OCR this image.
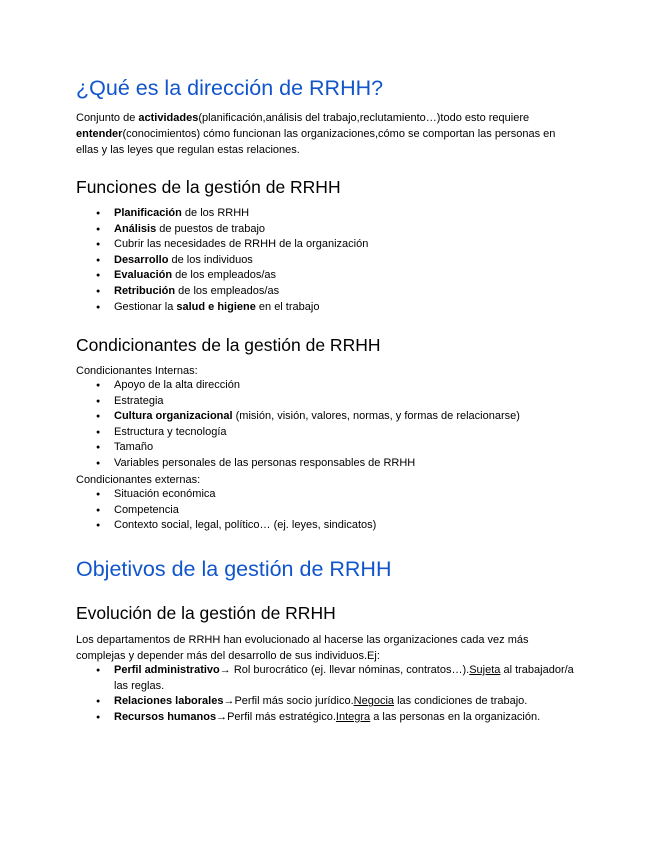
¿Qué es la dirección de RRHH?

Conjunto de actividades(planificación,análisis del trabajo,reclutamiento…)todo esto requiere entender(conocimientos) cómo funcionan las organizaciones,cómo se comportan las personas en ellas y las leyes que regulan estas relaciones.

Funciones de la gestión de RRHH
● Planificación de los RRHH
● Análisis de puestos de trabajo
● Cubrir las necesidades de RRHH de la organización
● Desarrollo de los individuos
● Evaluación de los empleados/as
● Retribución de los empleados/as
● Gestionar la salud e higiene en el trabajo
Condicionantes de la gestión de RRHH
Condicionantes Internas:
● Apoyo de la alta dirección
● Estrategia
● Cultura organizacional (misión, visión, valores, normas, y formas de relacionarse)
● Estructura y tecnología
● Tamaño
● Variables personales de las personas responsables de RRHH
Condicionantes externas:
● Situación económica
● Competencia
● Contexto social, legal, político… (ej. leyes, sindicatos)
Objetivos de la gestión de RRHH
Evolución de la gestión de RRHH

Los departamentos de RRHH han evolucionado al hacerse las organizaciones cada vez más complejas y depender más del desarrollo de sus individuos.Ej:

● Perfil administrativo→ Rol burocrático (ej. llevar nóminas, contratos…).Sujeta al trabajador/a las reglas.
● Relaciones laborales→Perfil más socio jurídico.Negocia las condiciones de trabajo.
● Recursos humanos→Perfil más estratégico.Integra a las personas en la organización.
